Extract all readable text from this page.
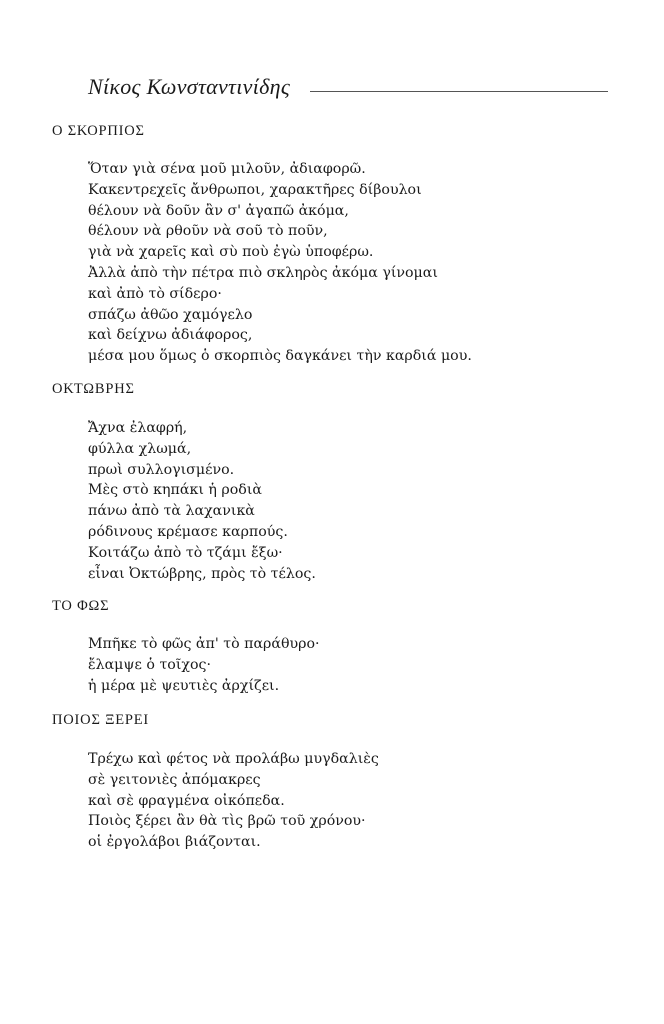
Νίκος Κωνσταντινίδης
Ο ΣΚΟΡΠΙΟΣ
Ὅταν γιὰ σένα μοῦ μιλοῦν, ἀδιαφορῶ.
Κακεντρεχεῖς ἄνθρωποι, χαρακτῆρες δίβουλοι
θέλουν νὰ δοῦν ἂν σ' ἀγαπῶ ἀκόμα,
θέλουν νὰ ρθοῦν νὰ σοῦ τὸ ποῦν,
γιὰ νὰ χαρεῖς καὶ σὺ ποὺ ἐγὼ ὑποφέρω.
Ἀλλὰ ἀπὸ τὴν πέτρα πιὸ σκληρὸς ἀκόμα γίνομαι
καὶ ἀπὸ τὸ σίδερο·
σπάζω ἀθῶο χαμόγελο
καὶ δείχνω ἀδιάφορος,
μέσα μου ὅμως ὁ σκορπιὸς δαγκάνει τὴν καρδιά μου.
ΟΚΤΩΒΡΗΣ
Ἄχνα ἐλαφρή,
φύλλα χλωμά,
πρωὶ συλλογισμένο.
Μὲς στὸ κηπάκι ἡ ροδιὰ
πάνω ἀπὸ τὰ λαχανικὰ
ρόδινους κρέμασε καρπούς.
Κοιτάζω ἀπὸ τὸ τζάμι ἔξω·
εἶναι Ὀκτώβρης, πρὸς τὸ τέλος.
ΤΟ ΦΩΣ
Μπῆκε τὸ φῶς ἀπ' τὸ παράθυρο·
ἔλαμψε ὁ τοῖχος·
ἡ μέρα μὲ ψευτιὲς ἀρχίζει.
ΠΟΙΟΣ ΞΕΡΕΙ
Τρέχω καὶ φέτος νὰ προλάβω μυγδαλιὲς
σὲ γειτονιὲς ἀπόμακρες
καὶ σὲ φραγμένα οἰκόπεδα.
Ποιὸς ξέρει ἂν θὰ τὶς βρῶ τοῦ χρόνου·
οἱ ἐργολάβοι βιάζονται.
